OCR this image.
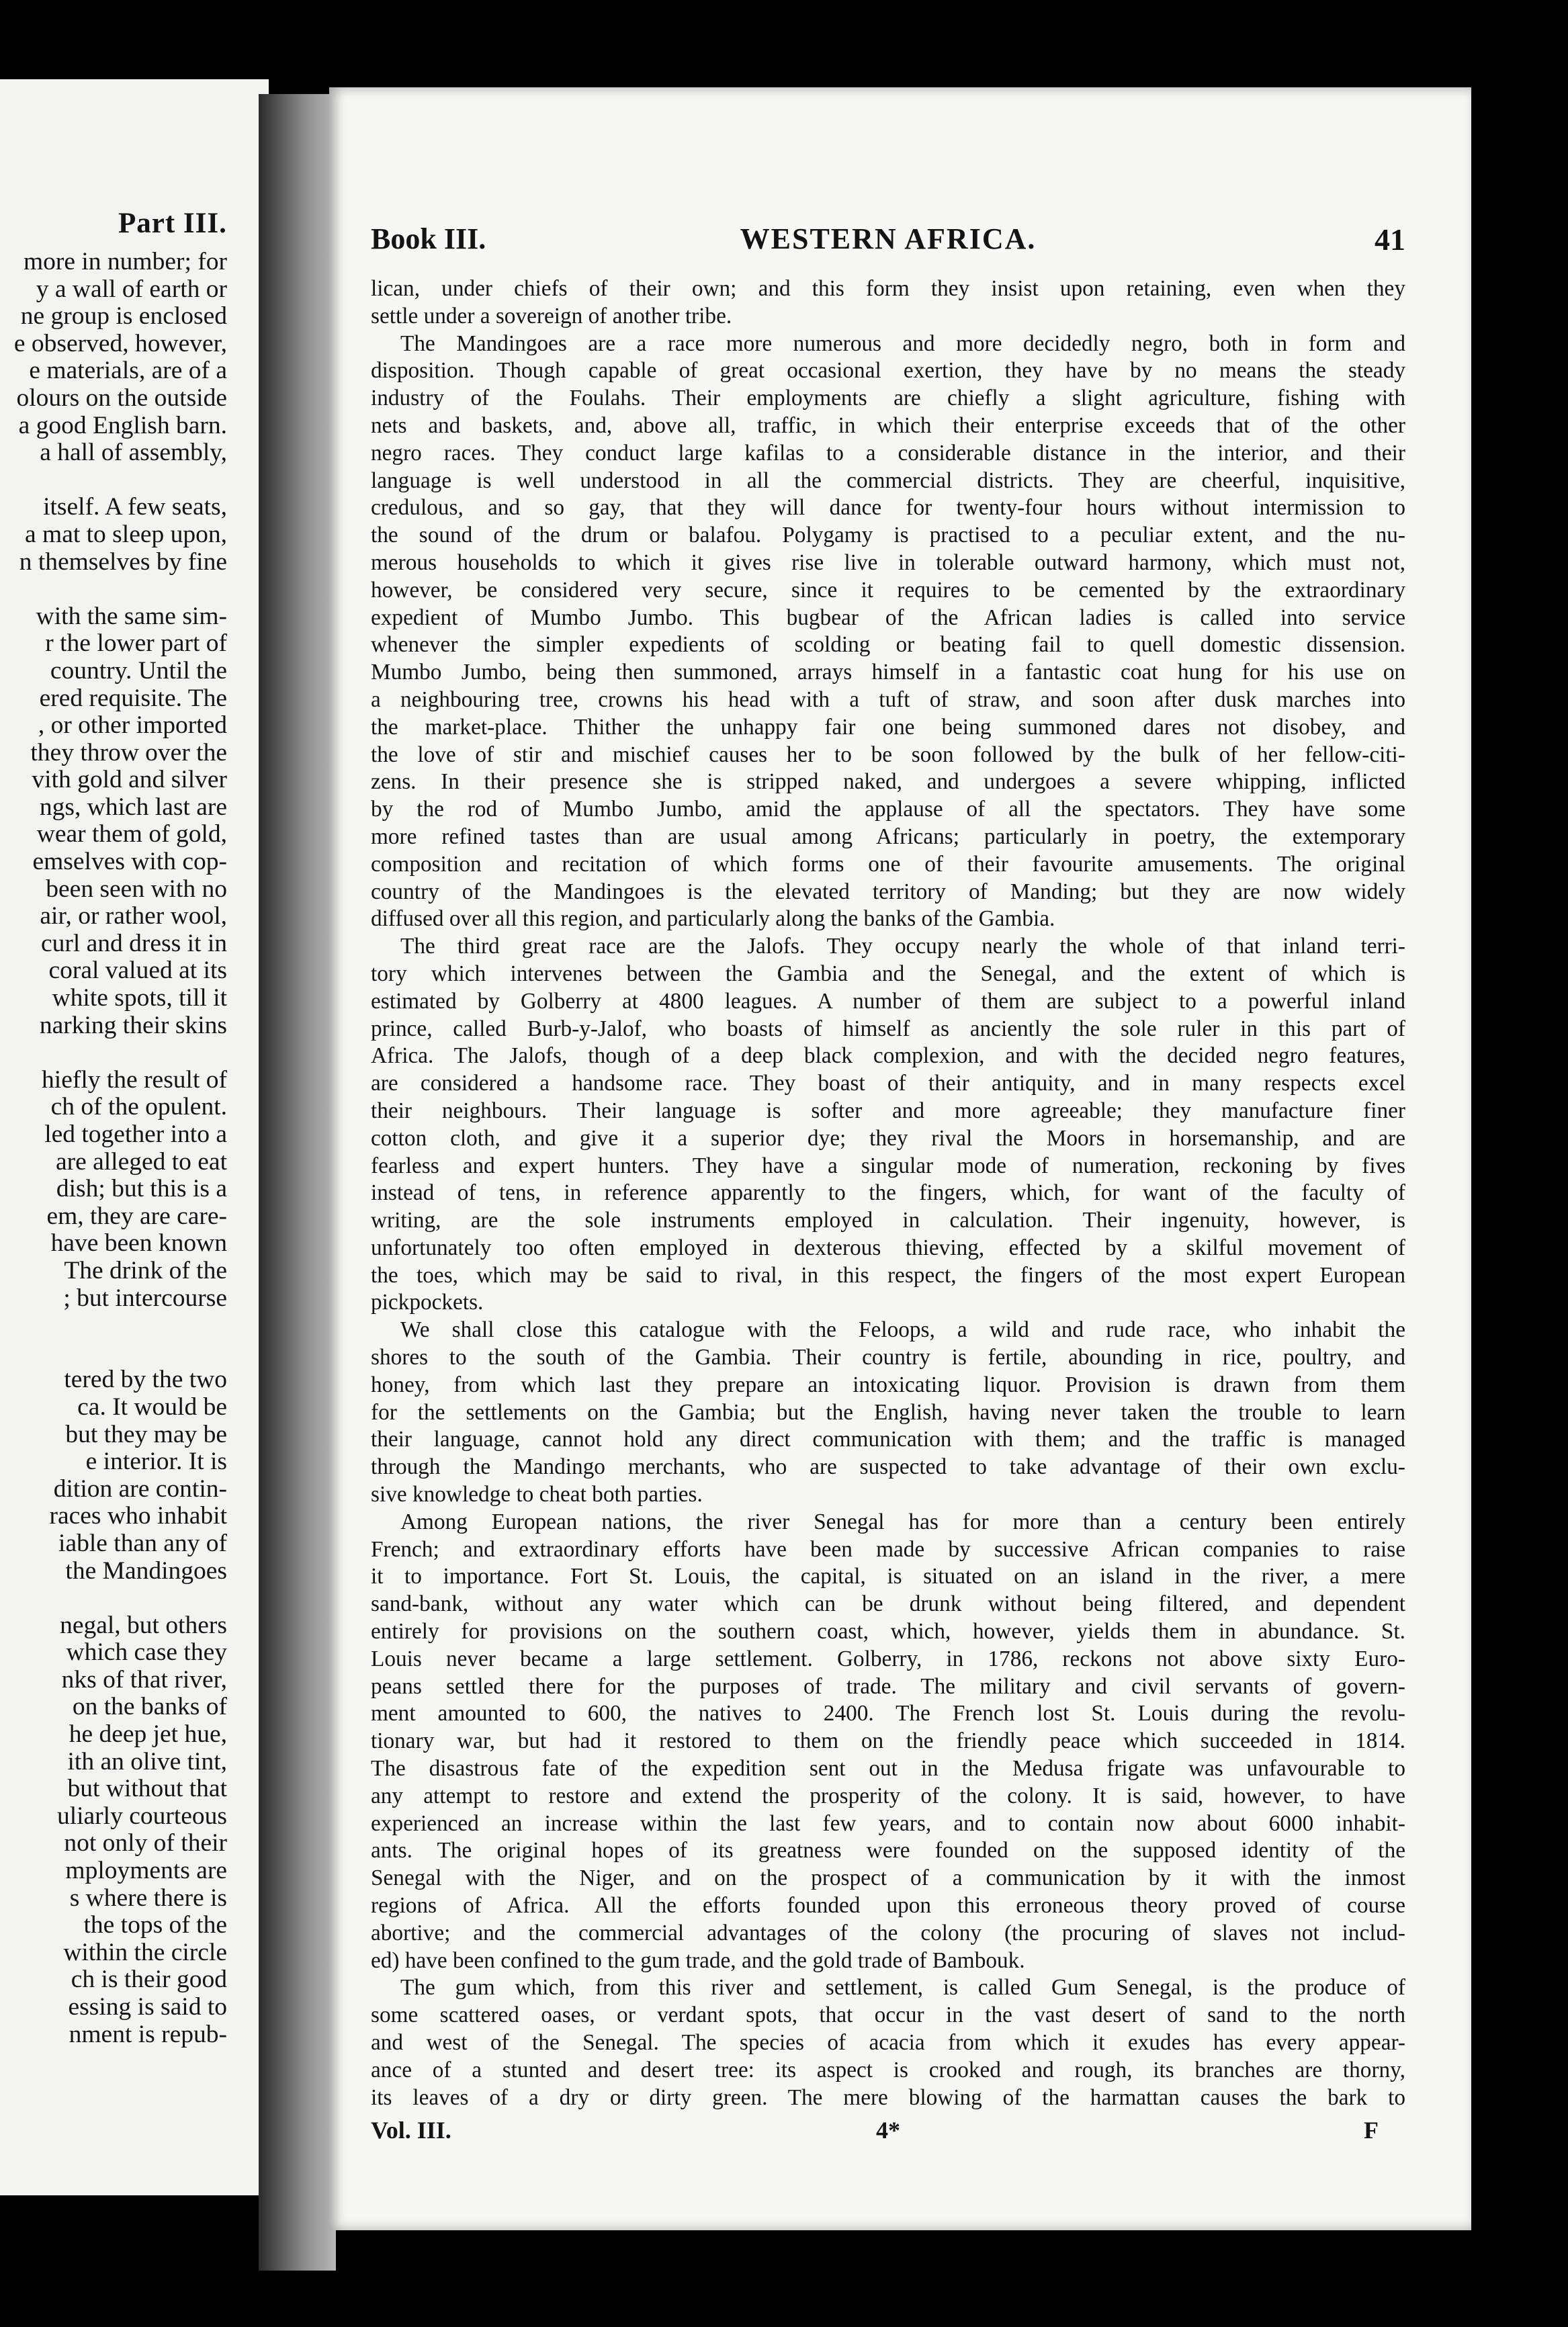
Part III.
more in number; for
y a wall of earth or
ne group is enclosed
e observed, however,
e materials, are of a
olours on the outside
a good English barn.
a hall of assembly,
itself. A few seats,
a mat to sleep upon,
n themselves by fine
with the same sim-
r the lower part of
country. Until the
ered requisite. The
, or other imported
they throw over the
vith gold and silver
ngs, which last are
wear them of gold,
emselves with cop-
been seen with no
air, or rather wool,
curl and dress it in
coral valued at its
white spots, till it
narking their skins
hiefly the result of
ch of the opulent.
led together into a
are alleged to eat
dish; but this is a
em, they are care-
have been known
The drink of the
; but intercourse
tered by the two
ca. It would be
but they may be
e interior. It is
dition are contin-
races who inhabit
iable than any of
the Mandingoes
negal, but others
which case they
nks of that river,
on the banks of
he deep jet hue,
ith an olive tint,
but without that
uliarly courteous
not only of their
mployments are
s where there is
the tops of the
within the circle
ch is their good
essing is said to
nment is repub-
Book III.	WESTERN AFRICA.	41
lican, under chiefs of their own; and this form they insist upon retaining, even when they
settle under a sovereign of another tribe.
The Mandingoes are a race more numerous and more decidedly negro, both in form and
disposition. Though capable of great occasional exertion, they have by no means the steady
industry of the Foulahs. Their employments are chiefly a slight agriculture, fishing with
nets and baskets, and, above all, traffic, in which their enterprise exceeds that of the other
negro races. They conduct large kafilas to a considerable distance in the interior, and their
language is well understood in all the commercial districts. They are cheerful, inquisitive,
credulous, and so gay, that they will dance for twenty-four hours without intermission to
the sound of the drum or balafou. Polygamy is practised to a peculiar extent, and the nu-
merous households to which it gives rise live in tolerable outward harmony, which must not,
however, be considered very secure, since it requires to be cemented by the extraordinary
expedient of Mumbo Jumbo. This bugbear of the African ladies is called into service
whenever the simpler expedients of scolding or beating fail to quell domestic dissension.
Mumbo Jumbo, being then summoned, arrays himself in a fantastic coat hung for his use on
a neighbouring tree, crowns his head with a tuft of straw, and soon after dusk marches into
the market-place. Thither the unhappy fair one being summoned dares not disobey, and
the love of stir and mischief causes her to be soon followed by the bulk of her fellow-citi-
zens. In their presence she is stripped naked, and undergoes a severe whipping, inflicted
by the rod of Mumbo Jumbo, amid the applause of all the spectators. They have some
more refined tastes than are usual among Africans; particularly in poetry, the extemporary
composition and recitation of which forms one of their favourite amusements. The original
country of the Mandingoes is the elevated territory of Manding; but they are now widely
diffused over all this region, and particularly along the banks of the Gambia.
The third great race are the Jalofs. They occupy nearly the whole of that inland terri-
tory which intervenes between the Gambia and the Senegal, and the extent of which is
estimated by Golberry at 4800 leagues. A number of them are subject to a powerful inland
prince, called Burb-y-Jalof, who boasts of himself as anciently the sole ruler in this part of
Africa. The Jalofs, though of a deep black complexion, and with the decided negro features,
are considered a handsome race. They boast of their antiquity, and in many respects excel
their neighbours. Their language is softer and more agreeable; they manufacture finer
cotton cloth, and give it a superior dye; they rival the Moors in horsemanship, and are
fearless and expert hunters. They have a singular mode of numeration, reckoning by fives
instead of tens, in reference apparently to the fingers, which, for want of the faculty of
writing, are the sole instruments employed in calculation. Their ingenuity, however, is
unfortunately too often employed in dexterous thieving, effected by a skilful movement of
the toes, which may be said to rival, in this respect, the fingers of the most expert European
pickpockets.
We shall close this catalogue with the Feloops, a wild and rude race, who inhabit the
shores to the south of the Gambia. Their country is fertile, abounding in rice, poultry, and
honey, from which last they prepare an intoxicating liquor. Provision is drawn from them
for the settlements on the Gambia; but the English, having never taken the trouble to learn
their language, cannot hold any direct communication with them; and the traffic is managed
through the Mandingo merchants, who are suspected to take advantage of their own exclu-
sive knowledge to cheat both parties.
Among European nations, the river Senegal has for more than a century been entirely
French; and extraordinary efforts have been made by successive African companies to raise
it to importance. Fort St. Louis, the capital, is situated on an island in the river, a mere
sand-bank, without any water which can be drunk without being filtered, and dependent
entirely for provisions on the southern coast, which, however, yields them in abundance. St.
Louis never became a large settlement. Golberry, in 1786, reckons not above sixty Euro-
peans settled there for the purposes of trade. The military and civil servants of govern-
ment amounted to 600, the natives to 2400. The French lost St. Louis during the revolu-
tionary war, but had it restored to them on the friendly peace which succeeded in 1814.
The disastrous fate of the expedition sent out in the Medusa frigate was unfavourable to
any attempt to restore and extend the prosperity of the colony. It is said, however, to have
experienced an increase within the last few years, and to contain now about 6000 inhabit-
ants. The original hopes of its greatness were founded on the supposed identity of the
Senegal with the Niger, and on the prospect of a communication by it with the inmost
regions of Africa. All the efforts founded upon this erroneous theory proved of course
abortive; and the commercial advantages of the colony (the procuring of slaves not includ-
ed) have been confined to the gum trade, and the gold trade of Bambouk.
The gum which, from this river and settlement, is called Gum Senegal, is the produce of
some scattered oases, or verdant spots, that occur in the vast desert of sand to the north
and west of the Senegal. The species of acacia from which it exudes has every appear-
ance of a stunted and desert tree: its aspect is crooked and rough, its branches are thorny,
its leaves of a dry or dirty green. The mere blowing of the harmattan causes the bark to
Vol. III.	4*	F
